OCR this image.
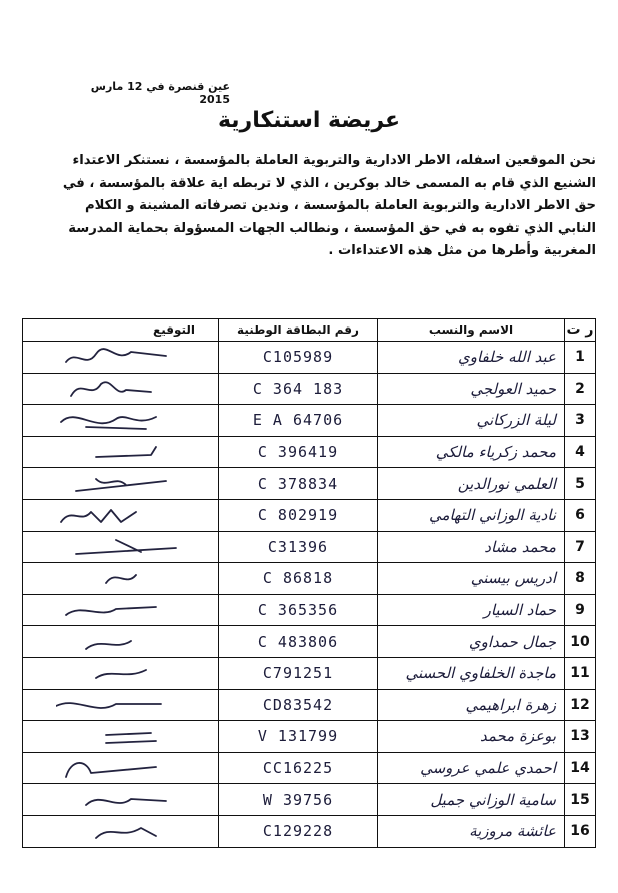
عين قنصرة في 12 مارس 2015
عريضة استنكارية

نحن الموقعين اسفله، الاطر الادارية والتربوية العاملة بالمؤسسة ، نستنكر الاعتداء

الشنيع الذي قام به المسمى خالد بوكرين ، الذي لا تربطه اية علاقة بالمؤسسة ، في

حق الاطر الادارية والتربوية العاملة بالمؤسسة ، وندين تصرفاته المشينة و الكلام

النابي الذي تفوه به في حق المؤسسة ، ونطالب الجهات المسؤولة بحماية المدرسة

المغربية وأطرها من مثل هذه الاعتداءات .

ر ت	الاسم والنسب	رقم البطاقة الوطنية	التوقيع
1	عبد الله خلفاوي	C105989	
2	حميد العولجي	C 364 183	
3	ليلة الزركاني	E A 64706	
4	محمد زكرياء مالكي	C 396419	
5	العلمي نورالدين	C 378834	
6	نادية الوزاني التهامي	C 802919	
7	محمد مشاد	C31396	
8	ادريس بيسني	C 86818	
9	حماد السيار	C 365356	
10	جمال حمداوي	C 483806	
11	ماجدة الخلفاوي الحسني	C791251	
12	زهرة ابراهيمي	CD83542	
13	بوعزة محمد	V 131799	
14	احمدي علمي عروسي	CC16225	
15	سامية الوزاني جميل	W 39756	
16	عائشة مروزية	C129228	
